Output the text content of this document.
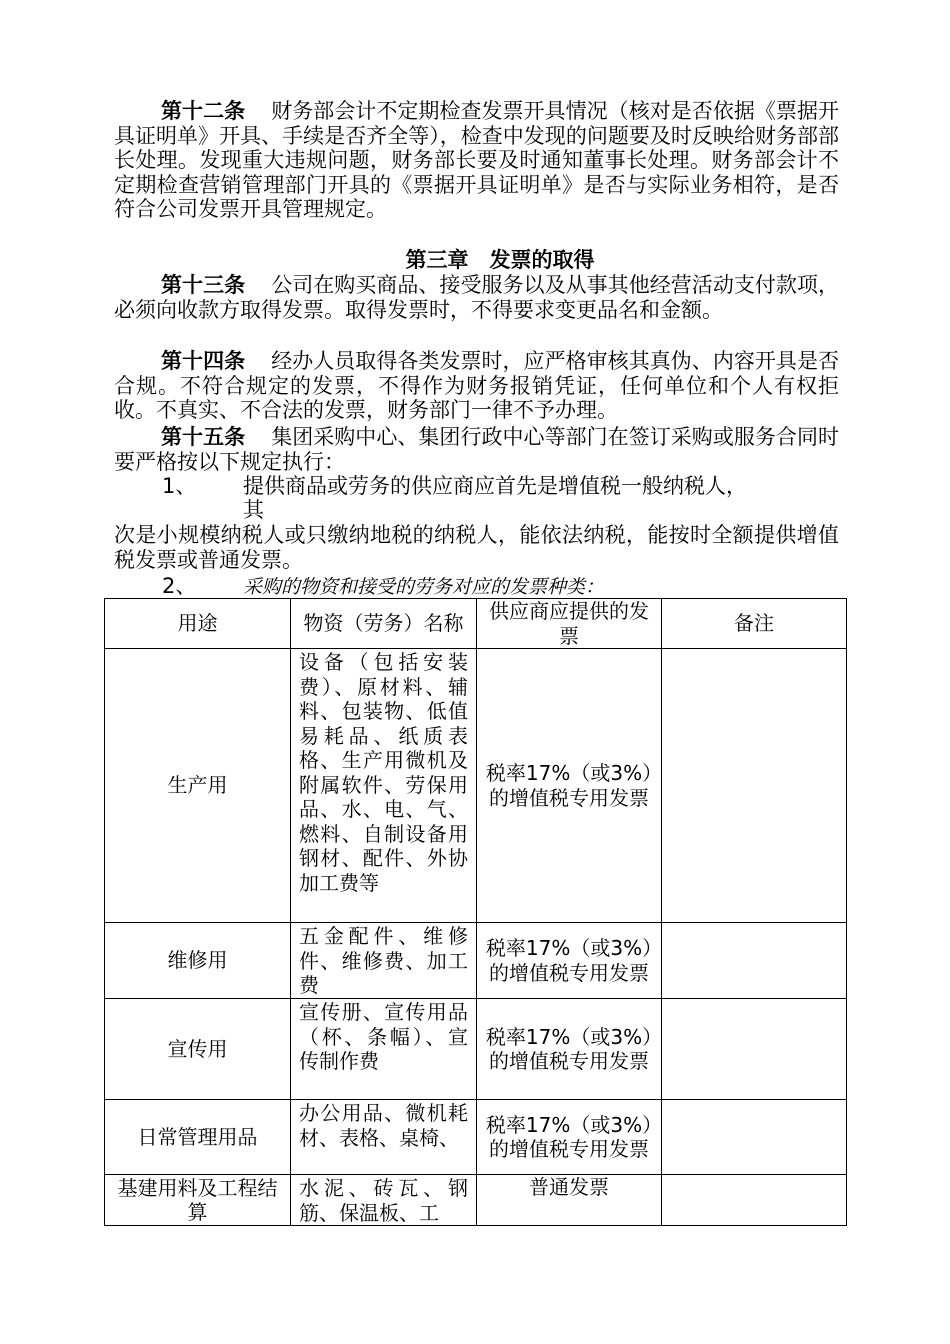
第十二条 财务部会计不定期检查发票开具情况（核对是否依据《票据开具证明单》开具、手续是否齐全等），检查中发现的问题要及时反映给财务部部长处理。发现重大违规问题，财务部长要及时通知董事长处理。财务部会计不定期检查营销管理部门开具的《票据开具证明单》是否与实际业务相符，是否符合公司发票开具管理规定。
第三章　发票的取得
第十三条 公司在购买商品、接受服务以及从事其他经营活动支付款项，必须向收款方取得发票。取得发票时，不得要求变更品名和金额。
第十四条 经办人员取得各类发票时，应严格审核其真伪、内容开具是否合规。不符合规定的发票，不得作为财务报销凭证，任何单位和个人有权拒收。不真实、不合法的发票，财务部门一律不予办理。
第十五条 集团采购中心、集团行政中心等部门在签订采购或服务合同时要严格按以下规定执行：
1、 提供商品或劳务的供应商应首先是增值税一般纳税人，
其
次是小规模纳税人或只缴纳地税的纳税人，能依法纳税，能按时全额提供增值税发票或普通发票。
2、 采购的物资和接受的劳务对应的发票种类：
用途	物资（劳务）名称	供应商应提供的发票	备注
生产用	设备（包括安装费）、原材料、辅料、包装物、低值易耗品、纸质表格、生产用微机及附属软件、劳保用品、水、电、气、燃料、自制设备用钢材、配件、外协加工费等	税率17%（或3%）的增值税专用发票	
维修用	五金配件、维修件、维修费、加工费	税率17%（或3%）的增值税专用发票	
宣传用	宣传册、宣传用品（杯、条幅）、宣传制作费	税率17%（或3%）的增值税专用发票	
日常管理用品	办公用品、微机耗材、表格、桌椅、	税率17%（或3%）的增值税专用发票	
基建用料及工程结算	水泥、砖瓦、钢筋、保温板、工	普通发票	
